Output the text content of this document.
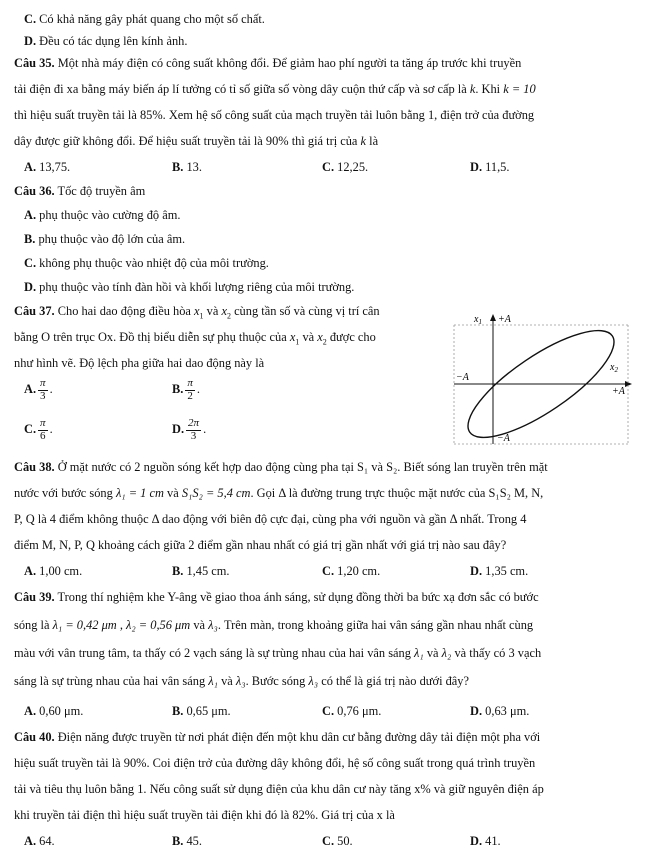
C. Có khả năng gây phát quang cho một số chất.
D. Đều có tác dụng lên kính ảnh.
Câu 35. Một nhà máy điện có công suất không đổi. Để giảm hao phí người ta tăng áp trước khi truyền
tải điện đi xa bằng máy biến áp lí tưởng có tỉ số giữa số vòng dây cuộn thứ cấp và sơ cấp là k. Khi k = 10
thì hiệu suất truyền tải là 85%. Xem hệ số công suất của mạch truyền tải luôn bằng 1, điện trở của đường
dây được giữ không đổi. Để hiệu suất truyền tải là 90% thì giá trị của k là
A. 13,75.	B. 13.	C. 12,25.	D. 11,5.
Câu 36. Tốc độ truyền âm
A. phụ thuộc vào cường độ âm.
B. phụ thuộc vào độ lớn của âm.
C. không phụ thuộc vào nhiệt độ của môi trường.
D. phụ thuộc vào tính đàn hồi và khối lượng riêng của môi trường.
Câu 37. Cho hai dao động điều hòa $x_1$ và $x_2$ cùng tần số và cùng vị trí cân
bằng O trên trục Ox. Đồ thị biểu diễn sự phụ thuộc của $x_1$ và $x_2$ được cho
như hình vẽ. Độ lệch pha giữa hai dao động này là
A. $\frac{\pi}{3}$ .	B. $\frac{\pi}{2}$ .
C. $\frac{\pi}{6}$ .	D. $\frac{2\pi}{3}$ .
$x_1 +A$
$x_2$
+A
−A
−A
Câu 38. Ở mặt nước có 2 nguồn sóng kết hợp dao động cùng pha tại S₁ và S₂. Biết sóng lan truyền trên mặt
nước với bước sóng λ₁ = 1 cm và S₁S₂ = 5,4 cm. Gọi Δ là đường trung trực thuộc mặt nước của S₁S₂ M, N,
P, Q là 4 điểm không thuộc Δ dao động với biên độ cực đại, cùng pha với nguồn và gần Δ nhất. Trong 4
điểm M, N, P, Q khoảng cách giữa 2 điểm gần nhau nhất có giá trị gần nhất với giá trị nào sau đây?
A. 1,00 cm.	B. 1,45 cm.	C. 1,20 cm.	D. 1,35 cm.
Câu 39. Trong thí nghiệm khe Y-âng về giao thoa ánh sáng, sử dụng đồng thời ba bức xạ đơn sắc có bước
sóng là λ₁ = 0,42 μm , λ₂ = 0,56 μm và λ₃. Trên màn, trong khoảng giữa hai vân sáng gần nhau nhất cùng
màu với vân trung tâm, ta thấy có 2 vạch sáng là sự trùng nhau của hai vân sáng λ₁ và λ₂ và thấy có 3 vạch
sáng là sự trùng nhau của hai vân sáng λ₁ và λ₃. Bước sóng λ₃ có thể là giá trị nào dưới đây?
A. 0,60 μm.	B. 0,65 μm.	C. 0,76 μm.	D. 0,63 μm.
Câu 40. Điện năng được truyền từ nơi phát điện đến một khu dân cư bằng đường dây tải điện một pha với
hiệu suất truyền tải là 90%. Coi điện trở của đường dây không đổi, hệ số công suất trong quá trình truyền
tải và tiêu thụ luôn bằng 1. Nếu công suất sử dụng điện của khu dân cư này tăng x% và giữ nguyên điện áp
khi truyền tải điện thì hiệu suất truyền tải điện khi đó là 82%. Giá trị của x là
A. 64.	B. 45.	C. 50.	D. 41.
